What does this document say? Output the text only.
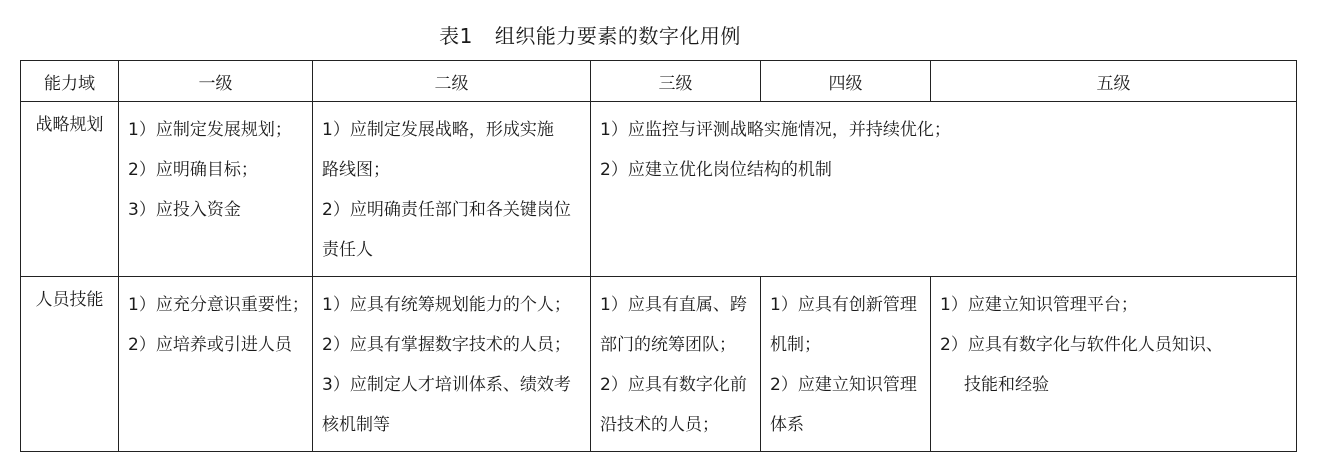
表1 组织能力要素的数字化用例
能力域	一级	二级	三级	四级	五级
战略规划	1）应制定发展规划；
2）应明确目标；
3）应投入资金	1）应制定发展战略，形成实施
路线图；
2）应明确责任部门和各关键岗位
责任人	1）应监控与评测战略实施情况，并持续优化；
2）应建立优化岗位结构的机制		

人员技能	1）应充分意识重要性；
2）应培养或引进人员	1）应具有统筹规划能力的个人；
2）应具有掌握数字技术的人员；
3）应制定人才培训体系、绩效考
核机制等	1）应具有直属、跨
部门的统筹团队；
2）应具有数字化前
沿技术的人员；	1）应具有创新管理
机制；
2）应建立知识管理
体系	1）应建立知识管理平台；
2）应具有数字化与软件化人员知识、
技能和经验
